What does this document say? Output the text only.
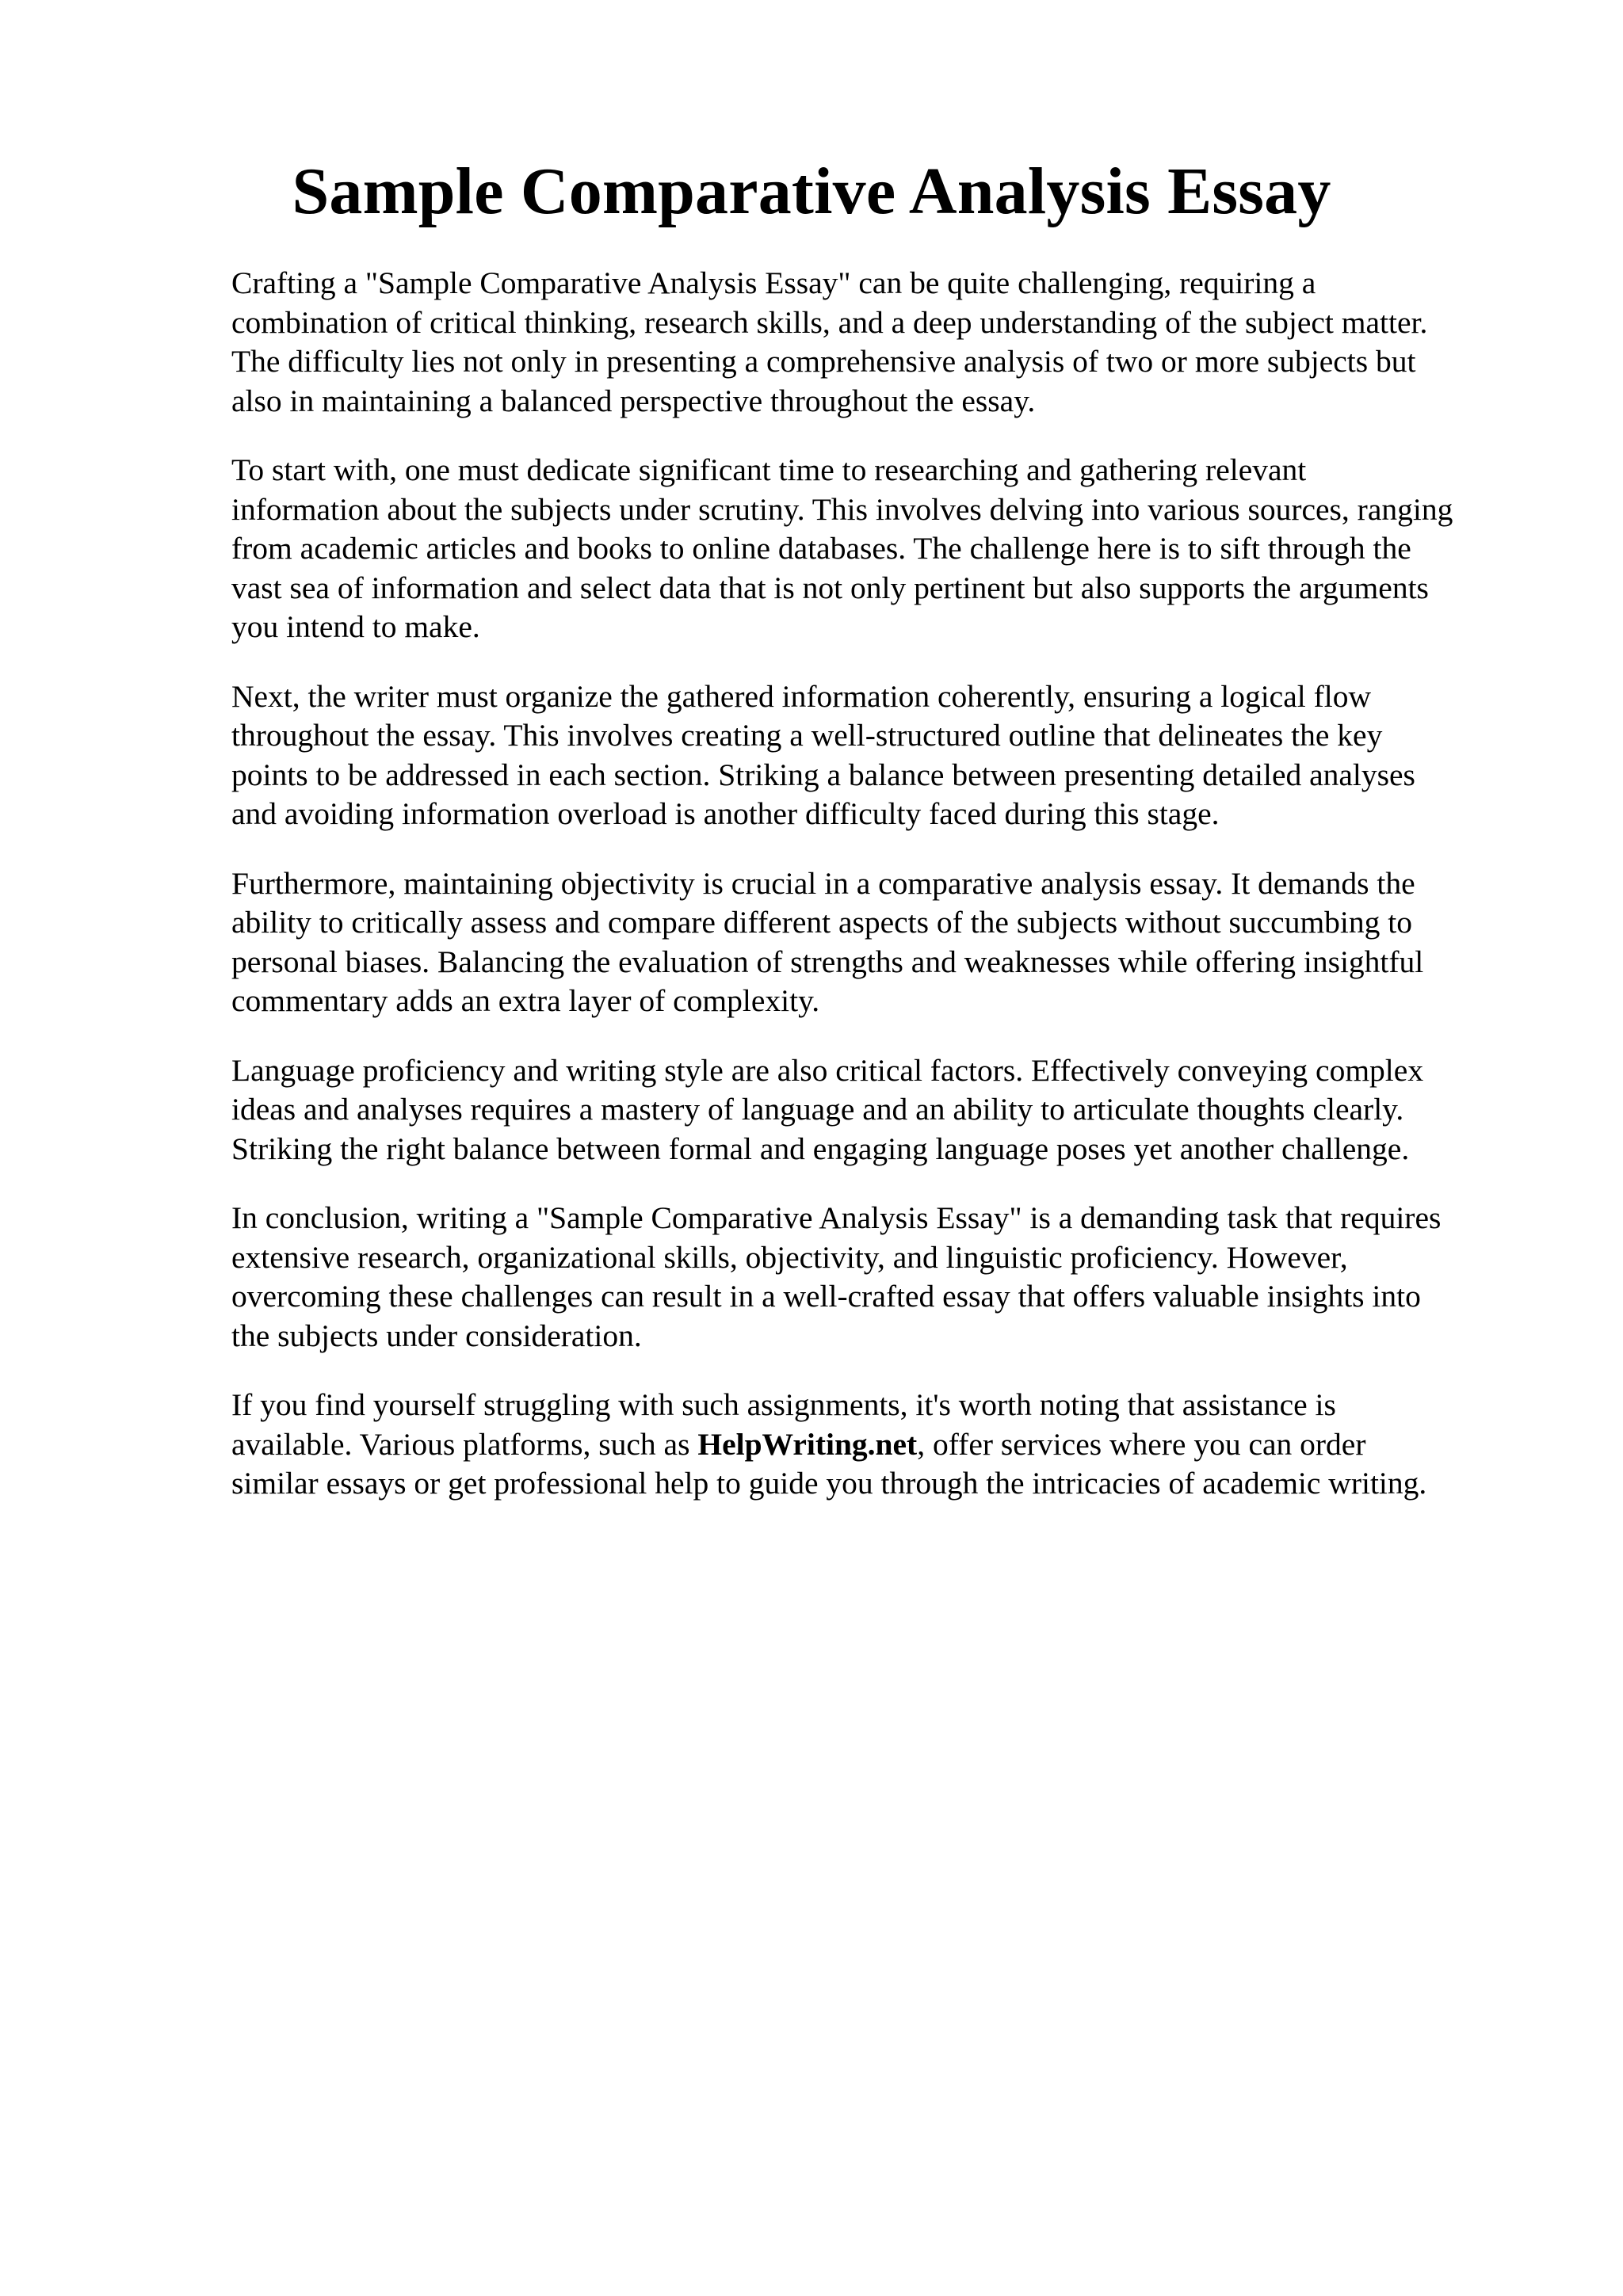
Sample Comparative Analysis Essay

Crafting a "Sample Comparative Analysis Essay" can be quite challenging, requiring a
combination of critical thinking, research skills, and a deep understanding of the subject matter.
The difficulty lies not only in presenting a comprehensive analysis of two or more subjects but
also in maintaining a balanced perspective throughout the essay.

To start with, one must dedicate significant time to researching and gathering relevant
information about the subjects under scrutiny. This involves delving into various sources, ranging
from academic articles and books to online databases. The challenge here is to sift through the
vast sea of information and select data that is not only pertinent but also supports the arguments
you intend to make.

Next, the writer must organize the gathered information coherently, ensuring a logical flow
throughout the essay. This involves creating a well-structured outline that delineates the key
points to be addressed in each section. Striking a balance between presenting detailed analyses
and avoiding information overload is another difficulty faced during this stage.

Furthermore, maintaining objectivity is crucial in a comparative analysis essay. It demands the
ability to critically assess and compare different aspects of the subjects without succumbing to
personal biases. Balancing the evaluation of strengths and weaknesses while offering insightful
commentary adds an extra layer of complexity.

Language proficiency and writing style are also critical factors. Effectively conveying complex
ideas and analyses requires a mastery of language and an ability to articulate thoughts clearly.
Striking the right balance between formal and engaging language poses yet another challenge.

In conclusion, writing a "Sample Comparative Analysis Essay" is a demanding task that requires
extensive research, organizational skills, objectivity, and linguistic proficiency. However,
overcoming these challenges can result in a well-crafted essay that offers valuable insights into
the subjects under consideration.

If you find yourself struggling with such assignments, it's worth noting that assistance is
available. Various platforms, such as HelpWriting.net, offer services where you can order
similar essays or get professional help to guide you through the intricacies of academic writing.
